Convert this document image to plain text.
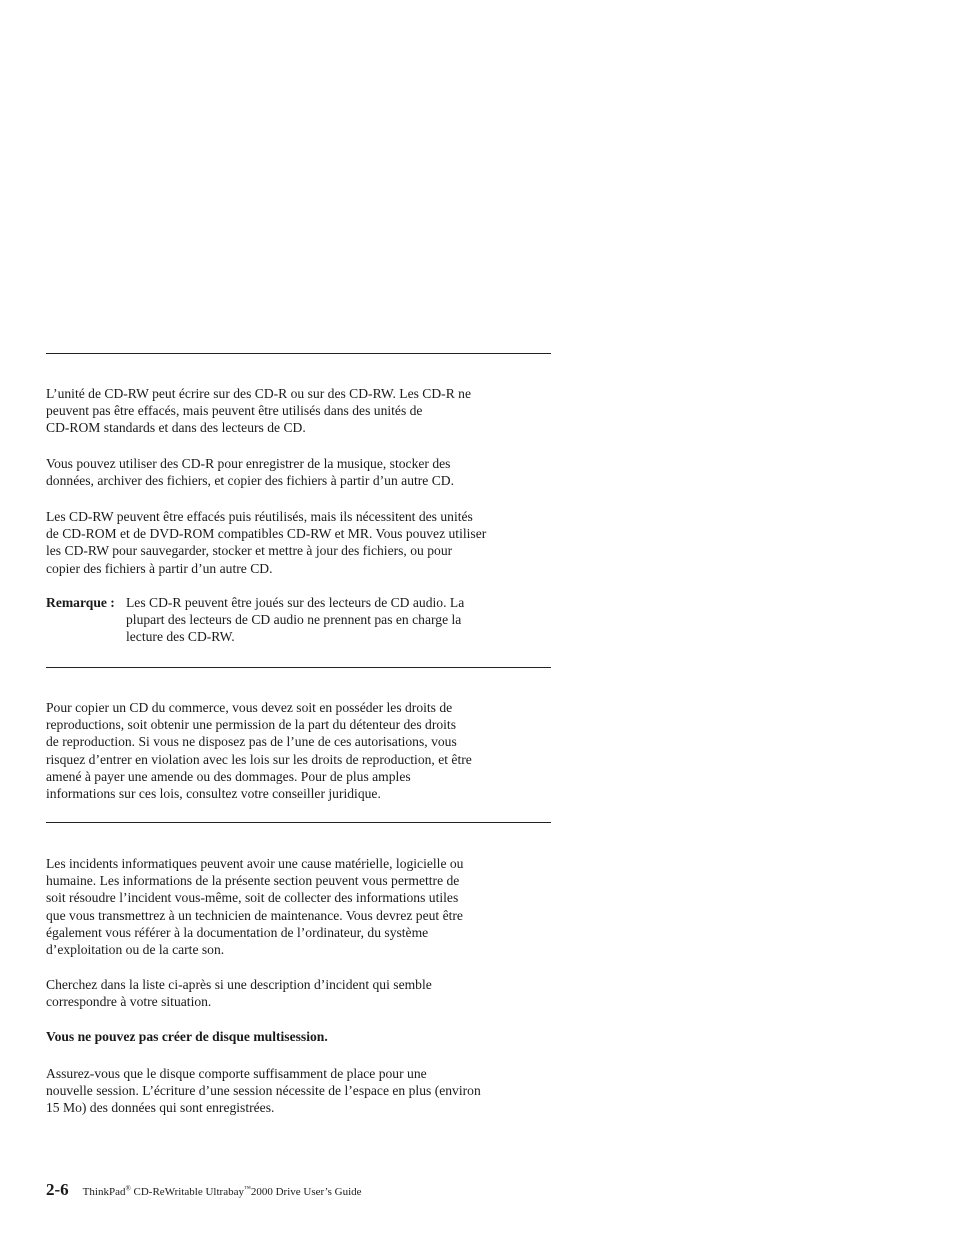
L’unité de CD-RW peut écrire sur des CD-R ou sur des CD-RW. Les CD-R ne
peuvent pas être effacés, mais peuvent être utilisés dans des unités de
CD-ROM standards et dans des lecteurs de CD.
Vous pouvez utiliser des CD-R pour enregistrer de la musique, stocker des
données, archiver des fichiers, et copier des fichiers à partir d’un autre CD.
Les CD-RW peuvent être effacés puis réutilisés, mais ils nécessitent des unités
de CD-ROM et de DVD-ROM compatibles CD-RW et MR. Vous pouvez utiliser
les CD-RW pour sauvegarder, stocker et mettre à jour des fichiers, ou pour
copier des fichiers à partir d’un autre CD.
Remarque : Les CD-R peuvent être joués sur des lecteurs de CD audio. La
plupart des lecteurs de CD audio ne prennent pas en charge la
lecture des CD-RW.
Pour copier un CD du commerce, vous devez soit en posséder les droits de
reproductions, soit obtenir une permission de la part du détenteur des droits
de reproduction. Si vous ne disposez pas de l’une de ces autorisations, vous
risquez d’entrer en violation avec les lois sur les droits de reproduction, et être
amené à payer une amende ou des dommages. Pour de plus amples
informations sur ces lois, consultez votre conseiller juridique.
Les incidents informatiques peuvent avoir une cause matérielle, logicielle ou
humaine. Les informations de la présente section peuvent vous permettre de
soit résoudre l’incident vous-même, soit de collecter des informations utiles
que vous transmettrez à un technicien de maintenance. Vous devrez peut être
également vous référer à la documentation de l’ordinateur, du système
d’exploitation ou de la carte son.
Cherchez dans la liste ci-après si une description d’incident qui semble
correspondre à votre situation.
Vous ne pouvez pas créer de disque multisession.
Assurez-vous que le disque comporte suffisamment de place pour une
nouvelle session. L’écriture d’une session nécessite de l’espace en plus (environ
15 Mo) des données qui sont enregistrées.
2-6 ThinkPad® CD-ReWritable Ultrabay™2000 Drive User’s Guide
